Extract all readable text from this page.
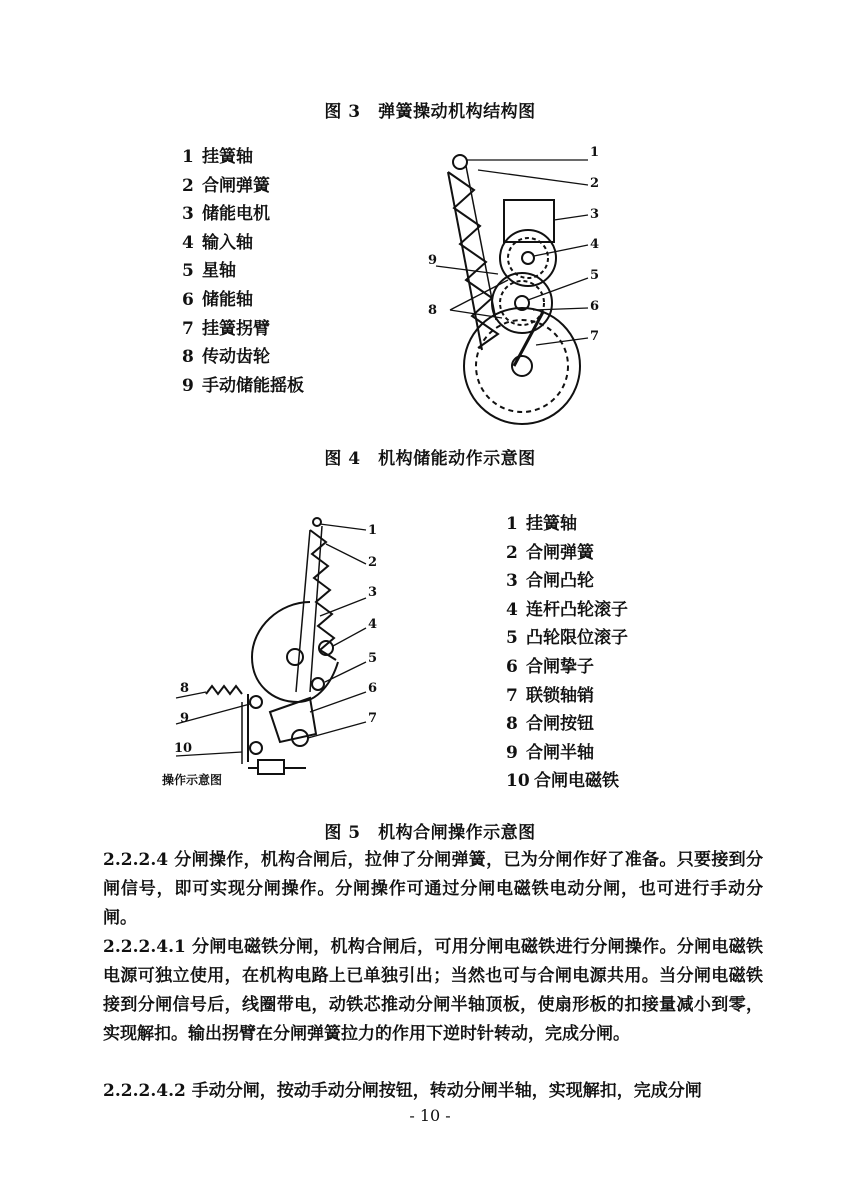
图 3　弹簧操动机构结构图
1 挂簧轴
2 合闸弹簧
3 储能电机
4 输入轴
5 星轴
6 储能轴
7 挂簧拐臂
8 传动齿轮
9 手动储能摇板
1
2
3
4
5
6
7
8
9
图 4　机构储能动作示意图
1
2
3
4
5
6
7
8
9
10
操作示意图
1 挂簧轴
2 合闸弹簧
3 合闸凸轮
4 连杆凸轮滚子
5 凸轮限位滚子
6 合闸挚子
7 联锁轴销
8 合闸按钮
9 合闸半轴
10 合闸电磁铁
图 5　机构合闸操作示意图

2.2.2.4 分闸操作，机构合闸后，拉伸了分闸弹簧，已为分闸作好了准备。只要接到分闸信号，即可实现分闸操作。分闸操作可通过分闸电磁铁电动分闸，也可进行手动分闸。

2.2.2.4.1 分闸电磁铁分闸，机构合闸后，可用分闸电磁铁进行分闸操作。分闸电磁铁电源可独立使用，在机构电路上已单独引出；当然也可与合闸电源共用。当分闸电磁铁接到分闸信号后，线圈带电，动铁芯推动分闸半轴顶板，使扇形板的扣接量减小到零，实现解扣。输出拐臂在分闸弹簧拉力的作用下逆时针转动，完成分闸。

2.2.2.4.2 手动分闸，按动手动分闸按钮，转动分闸半轴，实现解扣，完成分闸

- 10 -
